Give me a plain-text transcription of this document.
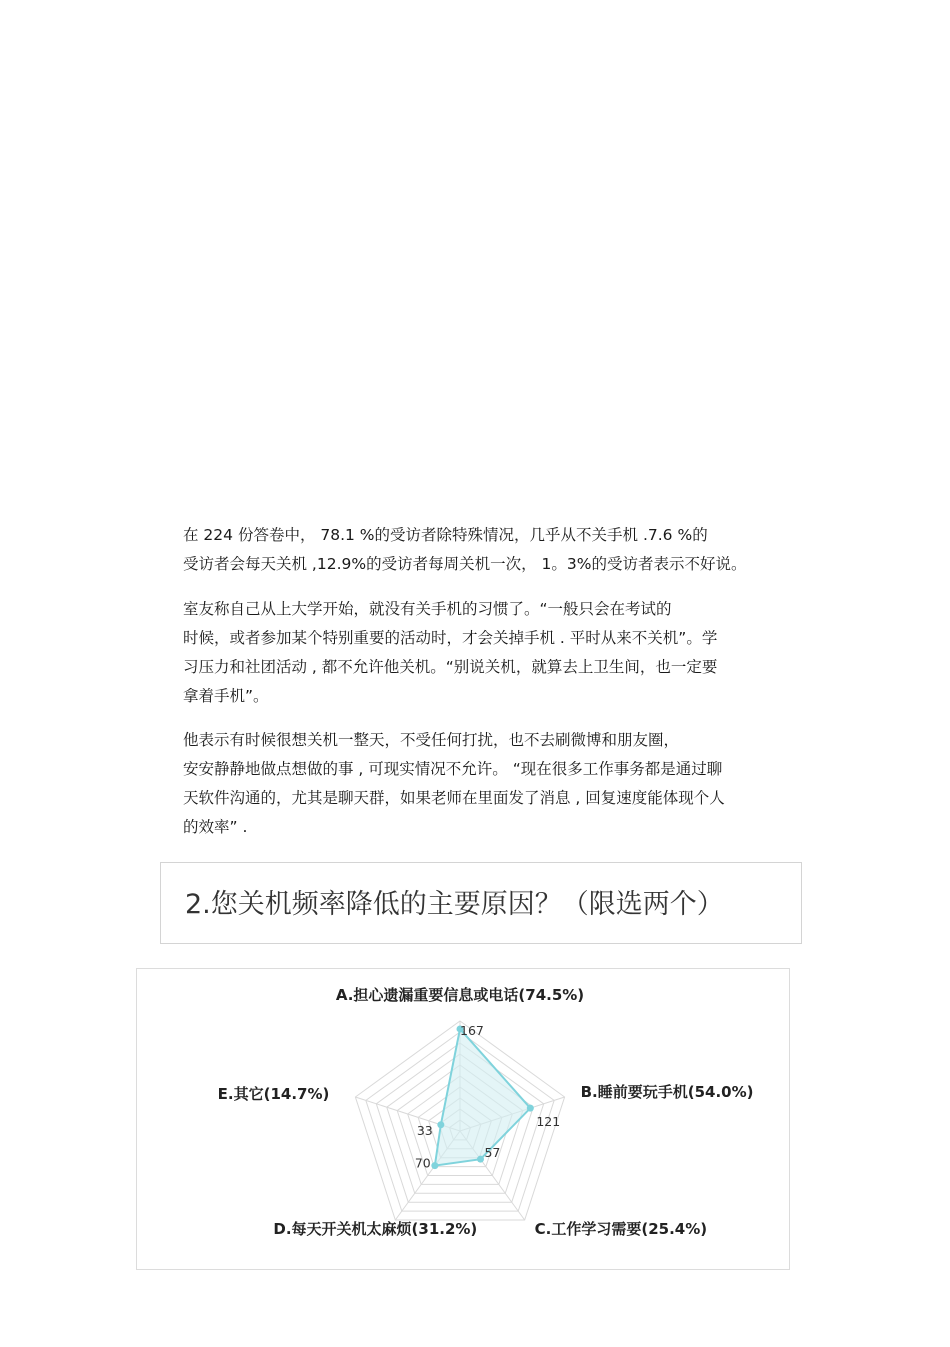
在 224 份答卷中， 78.1 %的受访者除特殊情况，几乎从不关手机 .7.6 %的
受访者会每天关机 ,12.9%的受访者每周关机一次， 1。3%的受访者表示不好说。
室友称自己从上大学开始，就没有关手机的习惯了。“一般只会在考试的
时候，或者参加某个特别重要的活动时，才会关掉手机 . 平时从来不关机”。学
习压力和社团活动 , 都不允许他关机。“别说关机，就算去上卫生间，也一定要
拿着手机”。
他表示有时候很想关机一整天，不受任何打扰，也不去刷微博和朋友圈，
安安静静地做点想做的事 , 可现实情况不允许。 “现在很多工作事务都是通过聊
天软件沟通的，尤其是聊天群，如果老师在里面发了消息 , 回复速度能体现个人
的效率” .
2.您关机频率降低的主要原因？（限选两个）
167
121
57
70
33
A.担心遗漏重要信息或电话(74.5%)
B.睡前要玩手机(54.0%)
C.工作学习需要(25.4%)
D.每天开关机太麻烦(31.2%)
E.其它(14.7%)
